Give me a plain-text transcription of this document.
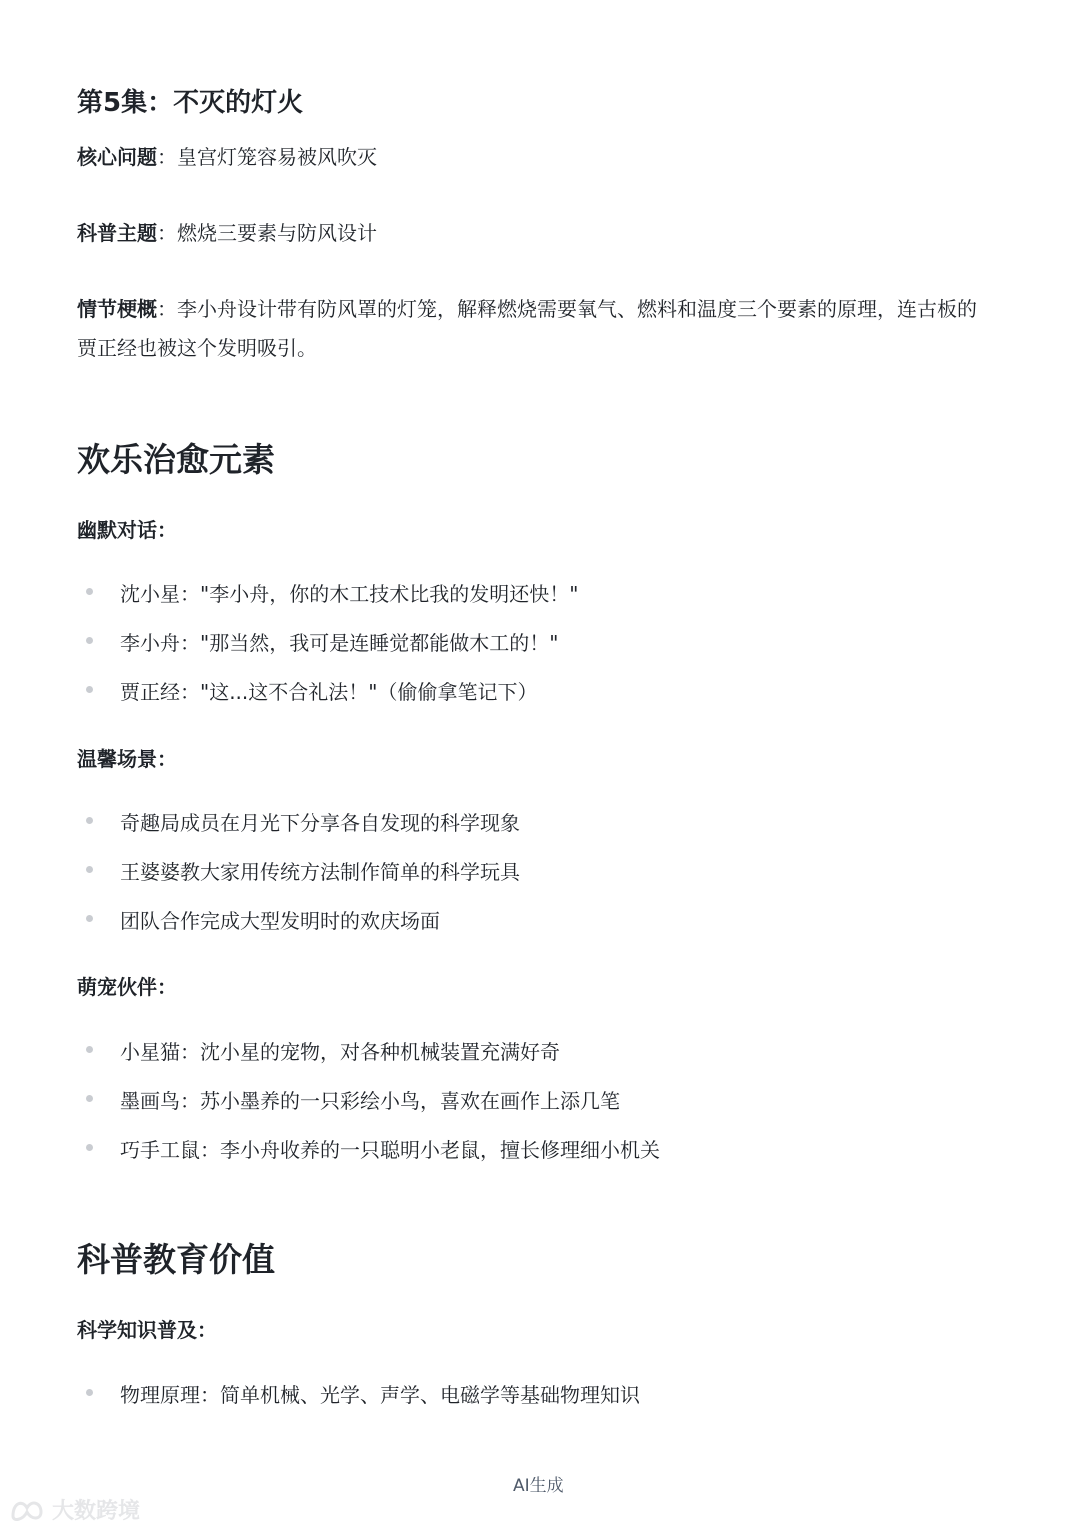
第5集：不灭的灯火
核心问题：皇宫灯笼容易被风吹灭
科普主题：燃烧三要素与防风设计
情节梗概：李小舟设计带有防风罩的灯笼，解释燃烧需要氧气、燃料和温度三个要素的原理，连古板的贾正经也被这个发明吸引。
欢乐治愈元素
幽默对话：
沈小星："李小舟，你的木工技术比我的发明还快！"
李小舟："那当然，我可是连睡觉都能做木工的！"
贾正经："这...这不合礼法！"（偷偷拿笔记下）
温馨场景：
奇趣局成员在月光下分享各自发现的科学现象
王婆婆教大家用传统方法制作简单的科学玩具
团队合作完成大型发明时的欢庆场面
萌宠伙伴：
小星猫：沈小星的宠物，对各种机械装置充满好奇
墨画鸟：苏小墨养的一只彩绘小鸟，喜欢在画作上添几笔
巧手工鼠：李小舟收养的一只聪明小老鼠，擅长修理细小机关
科普教育价值
科学知识普及：
物理原理：简单机械、光学、声学、电磁学等基础物理知识
AI生成
大数跨境
